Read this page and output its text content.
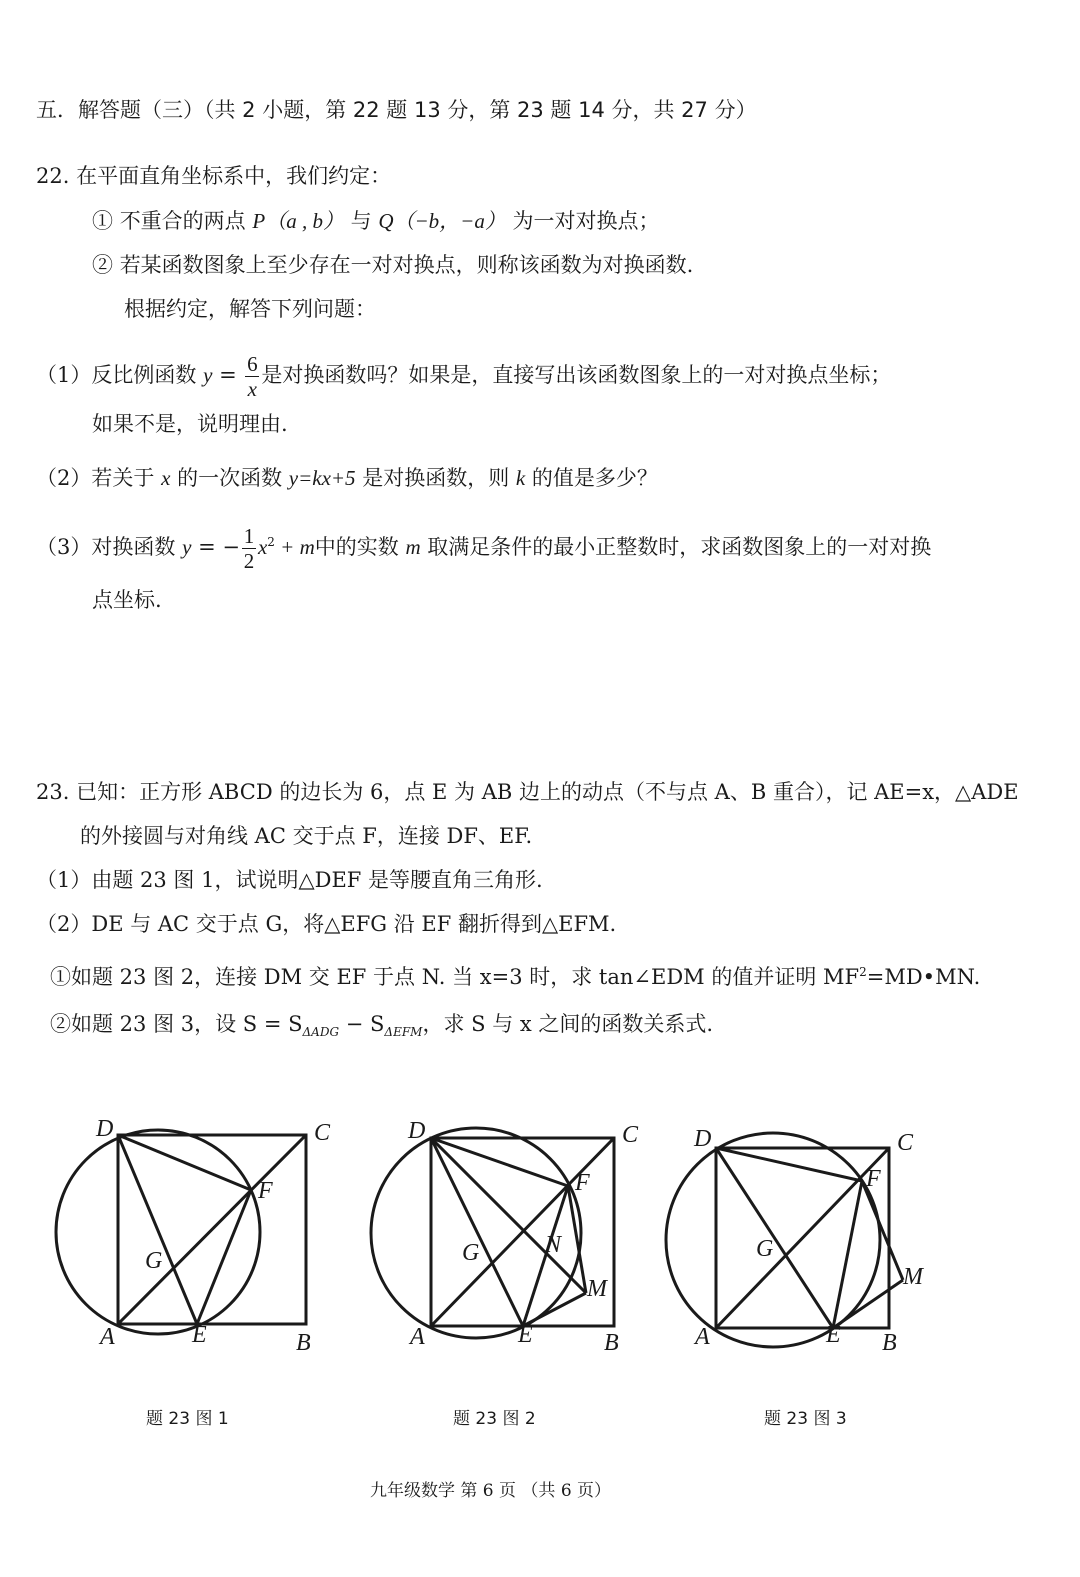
五．解答题（三）（共 2 小题，第 22 题 13 分，第 23 题 14 分，共 27 分）
22. 在平面直角坐标系中，我们约定：
① 不重合的两点 P（a , b） 与 Q（−b，−a） 为一对对换点；
② 若某函数图象上至少存在一对对换点，则称该函数为对换函数.
根据约定，解答下列问题：
（1）反比例函数 $y = \frac{6}{x}$ 是对换函数吗？如果是，直接写出该函数图象上的一对对换点坐标；
如果不是，说明理由.
（2）若关于 x 的一次函数 y=kx+5 是对换函数，则 k 的值是多少？
（3）对换函数 y = − $\frac{1}{2} x^2 + m$中的实数 m 取满足条件的最小正整数时，求函数图象上的一对对换
点坐标.
23. 已知：正方形 ABCD 的边长为 6，点 E 为 AB 边上的动点（不与点 A、B 重合），记 AE=x，△ADE
的外接圆与对角线 AC 交于点 F，连接 DF、EF.
（1）由题 23 图 1，试说明△DEF 是等腰直角三角形.
（2）DE 与 AC 交于点 G，将△EFG 沿 EF 翻折得到△EFM.
①如题 23 图 2，连接 DM 交 EF 于点 N. 当 x=3 时，求 tan∠EDM 的值并证明 $MF^2=MD•MN$.
②如题 23 图 3，设 $S = S_{\Delta ADG} - S_{\Delta EFM}$，求 S 与 x 之间的函数关系式.
D	C
F
G
A	E	B
D	C
F
N
G
M
A	E	B
D	C
F
G
M
A	E B
题 23 图 1	题 23 图 2	题 23 图 3
九年级数学 第 6 页 （共 6 页）
